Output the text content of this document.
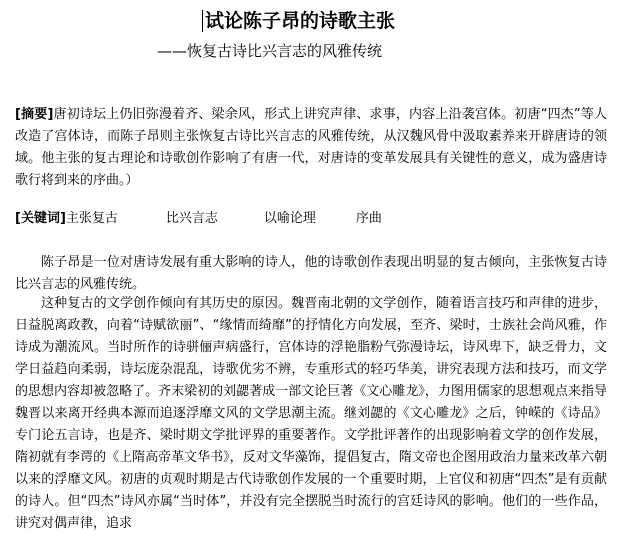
试论陈子昂的诗歌主张
——恢复古诗比兴言志的风雅传统
[摘要]唐初诗坛上仍旧弥漫着齐、梁余风，形式上讲究声律、求事，内容上沿袭宫体。初唐“四杰”等人改造了宫体诗，而陈子昂则主张恢复古诗比兴言志的风雅传统，从汉魏风骨中汲取素养来开辟唐诗的领域。他主张的复古理论和诗歌创作影响了有唐一代，对唐诗的变革发展具有关键性的意义，成为盛唐诗歌行将到来的序曲。）
[关键词]主张复古	比兴言志	以喻论理	序曲
陈子昂是一位对唐诗发展有重大影响的诗人，他的诗歌创作表现出明显的复古倾向，主张恢复古诗比兴言志的风雅传统。
这种复古的文学创作倾向有其历史的原因。魏晋南北朝的文学创作，随着语言技巧和声律的进步，日益脱离政教，向着“诗赋欲丽”、“缘情而绮靡”的抒情化方向发展，至齐、梁时，士族社会尚风雅，作诗成为潮流风。当时所作的诗骈俪声病盛行，宫体诗的浮艳脂粉气弥漫诗坛，诗风卑下，缺乏骨力，文学日益趋向柔弱，诗坛庞杂混乱，诗歌优劣不辨，专重形式的轻巧华美，讲究表现方法和技巧，而文学的思想内容却被忽略了。齐末梁初的刘勰著成一部文论巨著《文心雕龙》，力图用儒家的思想观点来指导魏晋以来离开经典本源而追逐浮靡文风的文学思潮主流。继刘勰的《文心雕龙》之后，钟嵘的《诗品》专门论五言诗，也是齐、梁时期文学批评界的重要著作。文学批评著作的出现影响着文学的创作发展，隋初就有李谔的《上隋高帝革文华书》，反对文华藻饰，提倡复古，隋文帝也企图用政治力量来改革六朝以来的浮靡文风。初唐的贞观时期是古代诗歌创作发展的一个重要时期，上官仪和初唐“四杰”是有贡献的诗人。但“四杰”诗风亦属“当时体”，并没有完全摆脱当时流行的宫廷诗风的影响。他们的一些作品，讲究对偶声律，追求
